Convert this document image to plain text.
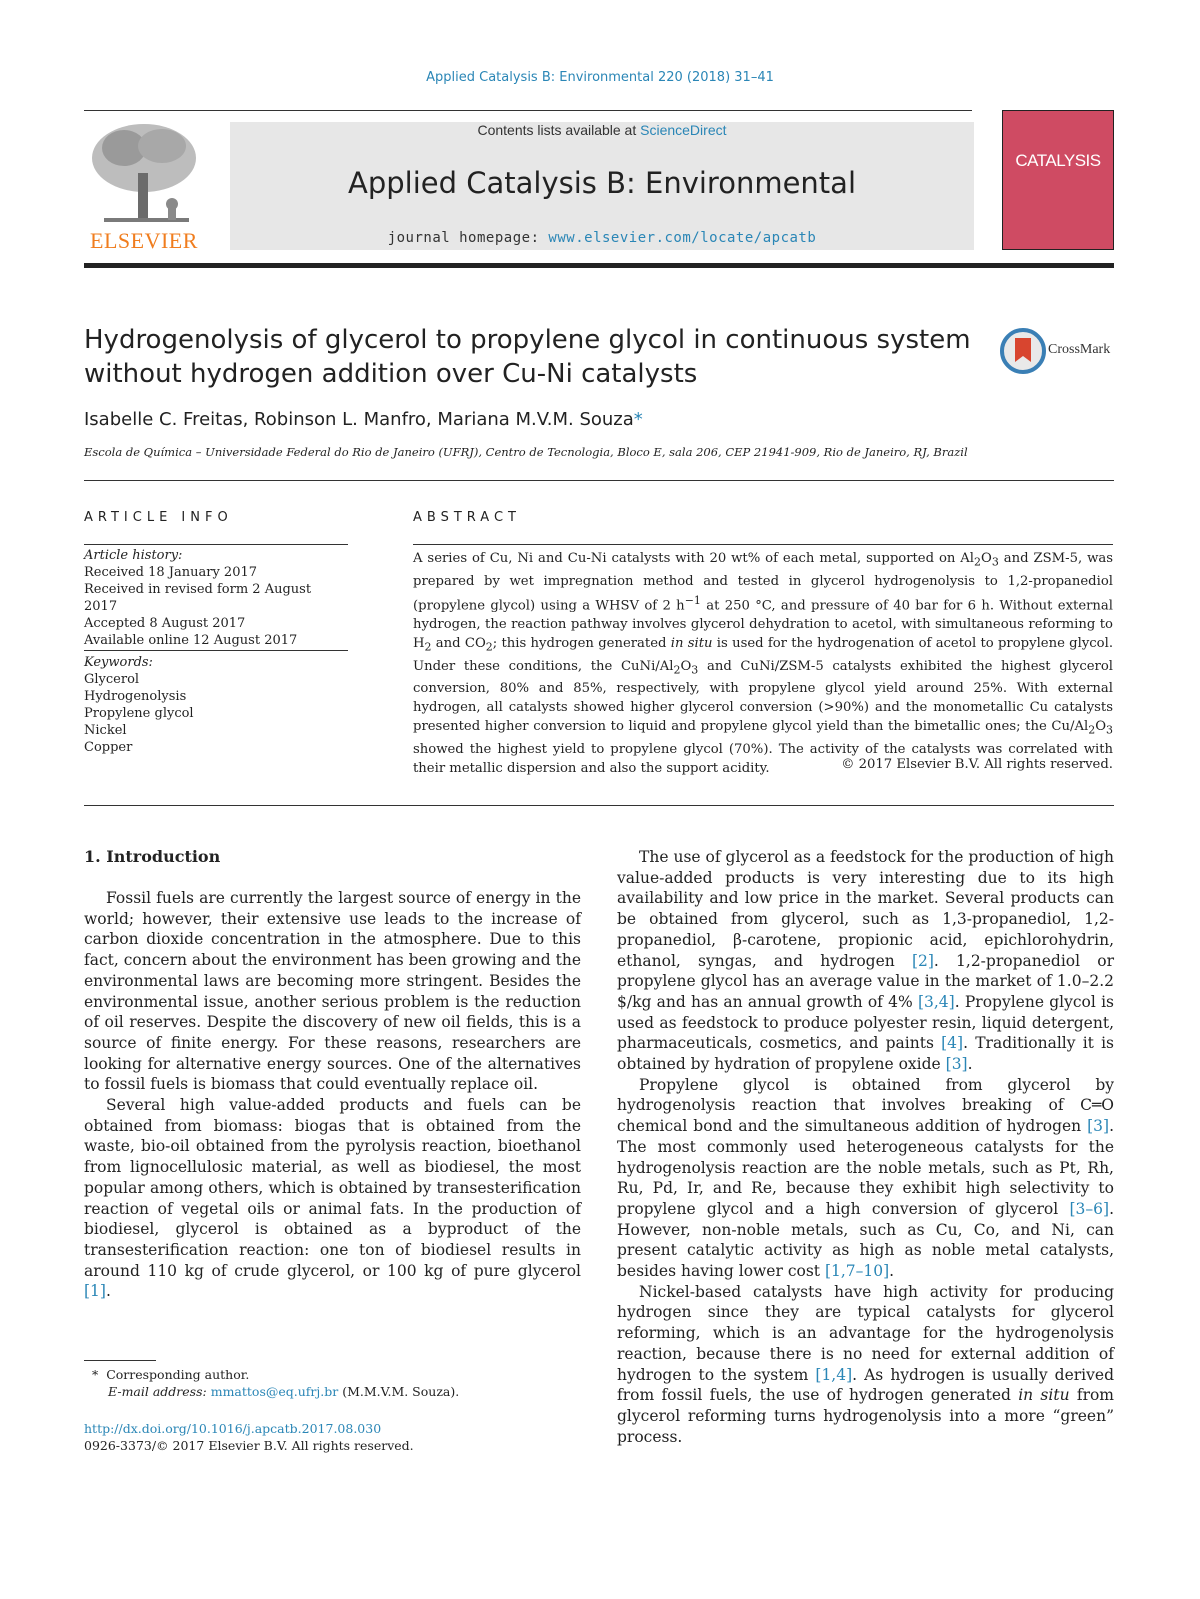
Applied Catalysis B: Environmental 220 (2018) 31–41
ELSEVIER
Contents lists available at ScienceDirect
Applied Catalysis B: Environmental
journal homepage: www.elsevier.com/locate/apcatb
CATALYSIS
Hydrogenolysis of glycerol to propylene glycol in continuous system without hydrogen addition over Cu-Ni catalysts
CrossMark
Isabelle C. Freitas, Robinson L. Manfro, Mariana M.V.M. Souza*
Escola de Química – Universidade Federal do Rio de Janeiro (UFRJ), Centro de Tecnologia, Bloco E, sala 206, CEP 21941-909, Rio de Janeiro, RJ, Brazil
ARTICLE INFO
Article history:
Received 18 January 2017
Received in revised form 2 August 2017
Accepted 8 August 2017
Available online 12 August 2017
Keywords:
Glycerol
Hydrogenolysis
Propylene glycol
Nickel
Copper
ABSTRACT
A series of Cu, Ni and Cu-Ni catalysts with 20 wt% of each metal, supported on $Al_2O_3$ and ZSM-5, was prepared by wet impregnation method and tested in glycerol hydrogenolysis to 1,2-propanediol (propylene glycol) using a WHSV of 2 $h^{-1}$ at 250 °C, and pressure of 40 bar for 6 h. Without external hydrogen, the reaction pathway involves glycerol dehydration to acetol, with simultaneous reforming to $H_2$ and $CO_2$; this hydrogen generated in situ is used for the hydrogenation of acetol to propylene glycol. Under these conditions, the CuNi/$Al_2O_3$ and CuNi/ZSM-5 catalysts exhibited the highest glycerol conversion, 80% and 85%, respectively, with propylene glycol yield around 25%. With external hydrogen, all catalysts showed higher glycerol conversion (>90%) and the monometallic Cu catalysts presented higher conversion to liquid and propylene glycol yield than the bimetallic ones; the $Cu/Al_2O_3$ showed the highest yield to propylene glycol (70%). The activity of the catalysts was correlated with their metallic dispersion and also the support acidity.	© 2017 Elsevier B.V. All rights reserved.
1. Introduction

Fossil fuels are currently the largest source of energy in the world; however, their extensive use leads to the increase of carbon dioxide concentration in the atmosphere. Due to this fact, concern about the environment has been growing and the environmental laws are becoming more stringent. Besides the environmental issue, another serious problem is the reduction of oil reserves. Despite the discovery of new oil fields, this is a source of finite energy. For these reasons, researchers are looking for alternative energy sources. One of the alternatives to fossil fuels is biomass that could eventually replace oil.

Several high value-added products and fuels can be obtained from biomass: biogas that is obtained from the waste, bio-oil obtained from the pyrolysis reaction, bioethanol from lignocellulosic material, as well as biodiesel, the most popular among others, which is obtained by transesterification reaction of vegetal oils or animal fats. In the production of biodiesel, glycerol is obtained as a byproduct of the transesterification reaction: one ton of biodiesel results in around 110 kg of crude glycerol, or 100 kg of pure glycerol [1].

The use of glycerol as a feedstock for the production of high value-added products is very interesting due to its high availability and low price in the market. Several products can be obtained from glycerol, such as 1,3-propanediol, 1,2-propanediol, β-carotene, propionic acid, epichlorohydrin, ethanol, syngas, and hydrogen [2]. 1,2-propanediol or propylene glycol has an average value in the market of 1.0–2.2 $/kg and has an annual growth of 4% [3,4]. Propylene glycol is used as feedstock to produce polyester resin, liquid detergent, pharmaceuticals, cosmetics, and paints [4]. Traditionally it is obtained by hydration of propylene oxide [3].

Propylene glycol is obtained from glycerol by hydrogenolysis reaction that involves breaking of C═O chemical bond and the simultaneous addition of hydrogen [3]. The most commonly used heterogeneous catalysts for the hydrogenolysis reaction are the noble metals, such as Pt, Rh, Ru, Pd, Ir, and Re, because they exhibit high selectivity to propylene glycol and a high conversion of glycerol [3–6]. However, non-noble metals, such as Cu, Co, and Ni, can present catalytic activity as high as noble metal catalysts, besides having lower cost [1,7–10].

Nickel-based catalysts have high activity for producing hydrogen since they are typical catalysts for glycerol reforming, which is an advantage for the hydrogenolysis reaction, because there is no need for external addition of hydrogen to the system [1,4]. As hydrogen is usually derived from fossil fuels, the use of hydrogen generated in situ from glycerol reforming turns hydrogenolysis into a more “green” process.

* Corresponding author.
E-mail address: mmattos@eq.ufrj.br (M.M.V.M. Souza).
http://dx.doi.org/10.1016/j.apcatb.2017.08.030
0926-3373/© 2017 Elsevier B.V. All rights reserved.
